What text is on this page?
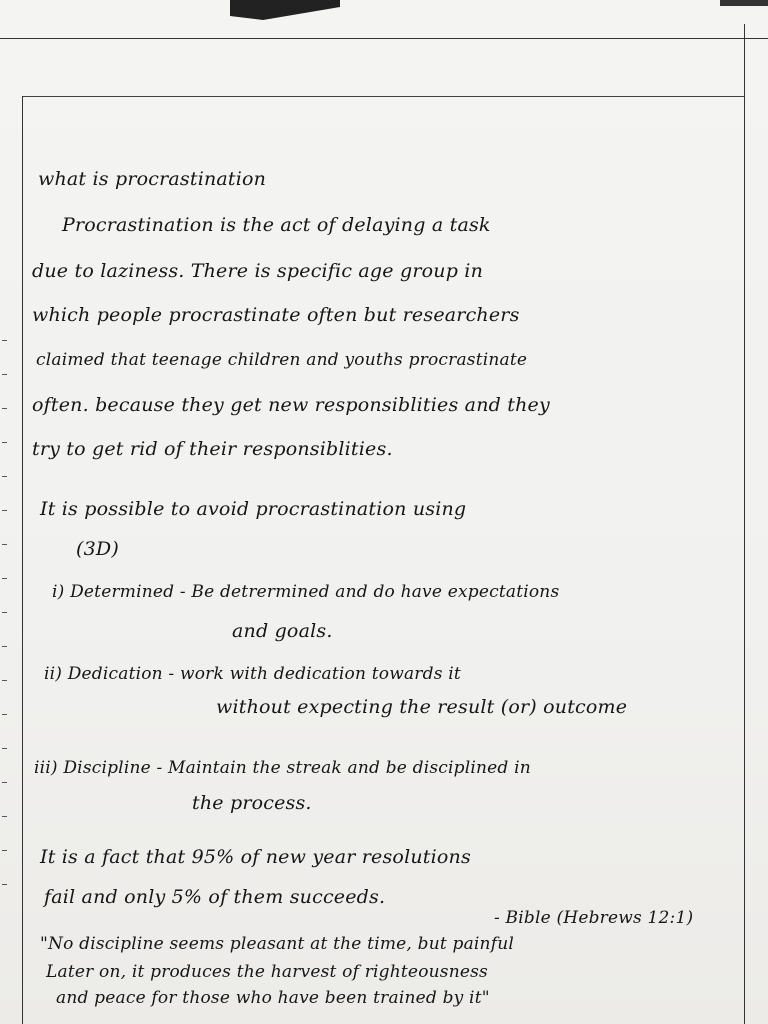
what is procrastination
Procrastination is the act of delaying a task
due to laziness. There is specific age group in
which people procrastinate often but researchers
claimed that teenage children and youths procrastinate
often. because they get new responsiblities and they
try to get rid of their responsiblities.
It is possible to avoid procrastination using
(3D)
i) Determined - Be detrermined and do have expectations
and goals.
ii) Dedication - work with dedication towards it
without expecting the result (or) outcome
iii) Discipline - Maintain the streak and be disciplined in
the process.
It is a fact that 95% of new year resolutions
fail and only 5% of them succeeds.
- Bible (Hebrews 12:1)
"No discipline seems pleasant at the time, but painful
Later on, it produces the harvest of righteousness
and peace for those who have been trained by it"
